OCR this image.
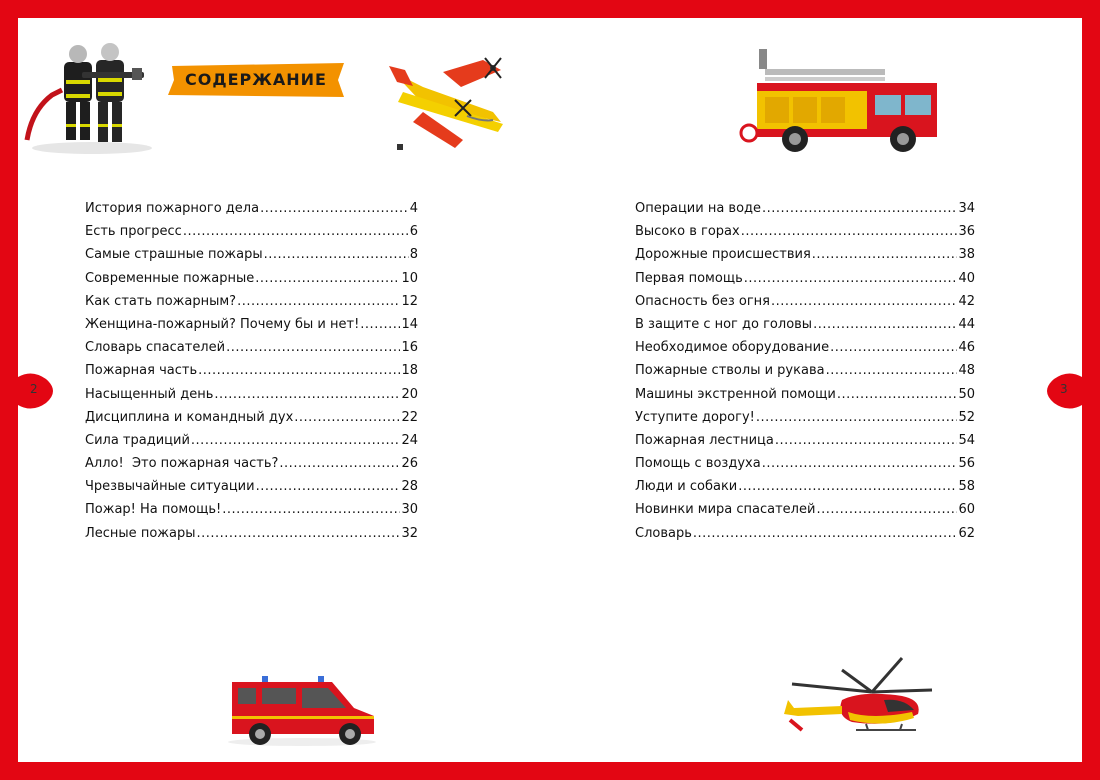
СОДЕРЖАНИЕ
2	3
История пожарного дела .....	4
Есть прогресс .....	6
Самые страшные пожары .....	8
Современные пожарные .....	10
Как стать пожарным? .....	12
Женщина-пожарный? Почему бы и нет! .....	14
Словарь спасателей .....	16
Пожарная часть .....	18
Насыщенный день .....	20
Дисциплина и командный дух .....	22
Сила традиций .....	24
Алло!  Это пожарная часть? .....	26
Чрезвычайные ситуации .....	28
Пожар! На помощь! .....	30
Лесные пожары .....	32
Операции на воде .....	34
Высоко в горах .....	36
Дорожные происшествия .....	38
Первая помощь .....	40
Опасность без огня .....	42
В защите с ног до головы .....	44
Необходимое оборудование .....	46
Пожарные стволы и рукава .....	48
Машины экстренной помощи .....	50
Уступите дорогу! .....	52
Пожарная лестница .....	54
Помощь с воздуха .....	56
Люди и собаки .....	58
Новинки мира спасателей .....	60
Словарь .....	62
